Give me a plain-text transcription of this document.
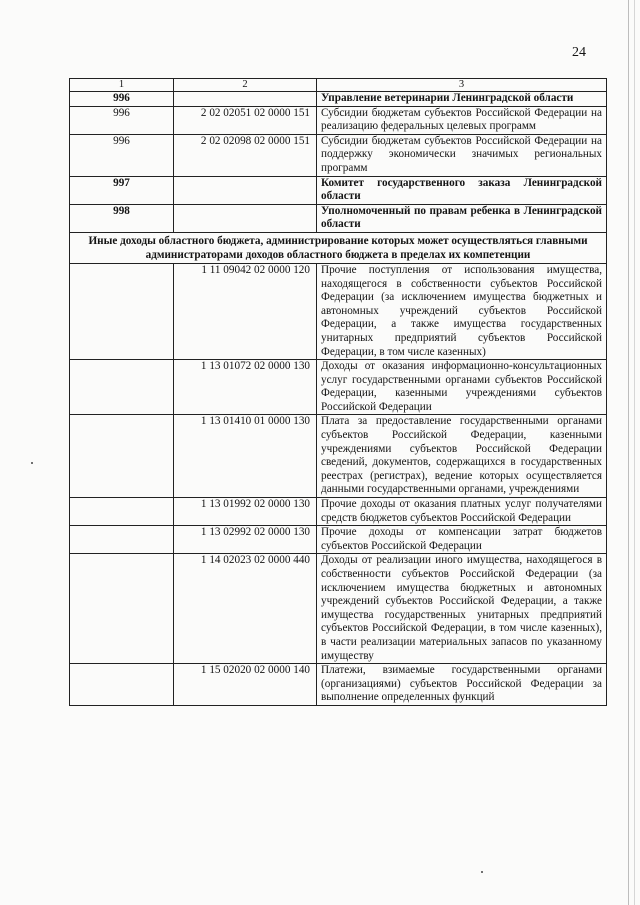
24
1	2	3
996		Управление ветеринарии Ленинградской области
996	2 02 02051 02 0000 151	Субсидии бюджетам субъектов Российской Федерации на реализацию федеральных целевых программ
996	2 02 02098 02 0000 151	Субсидии бюджетам субъектов Российской Федерации на поддержку экономически значимых региональных программ
997		Комитет государственного заказа Ленинградской области
998		Уполномоченный по правам ребенка в Ленинградской области
Иные доходы областного бюджета, администрирование которых может осуществляться главными администраторами доходов областного бюджета в пределах их компетенции		
	1 11 09042 02 0000 120	Прочие поступления от использования имущества, находящегося в собственности субъектов Российской Федерации (за исключением имущества бюджетных и автономных учреждений субъектов Российской Федерации, а также имущества государственных унитарных предприятий субъектов Российской Федерации, в том числе казенных)
	1 13 01072 02 0000 130	Доходы от оказания информационно-консультационных услуг государственными органами субъектов Российской Федерации, казенными учреждениями субъектов Российской Федерации
	1 13 01410 01 0000 130	Плата за предоставление государственными органами субъектов Российской Федерации, казенными учреждениями субъектов Российской Федерации сведений, документов, содержащихся в государственных реестрах (регистрах), ведение которых осуществляется данными государственными органами, учреждениями
	1 13 01992 02 0000 130	Прочие доходы от оказания платных услуг получателями средств бюджетов субъектов Российской Федерации
	1 13 02992 02 0000 130	Прочие доходы от компенсации затрат бюджетов субъектов Российской Федерации
	1 14 02023 02 0000 440	Доходы от реализации иного имущества, находящегося в собственности субъектов Российской Федерации (за исключением имущества бюджетных и автономных учреждений субъектов Российской Федерации, а также имущества государственных унитарных предприятий субъектов Российской Федерации, в том числе казенных), в части реализации материальных запасов по указанному имуществу
	1 15 02020 02 0000 140	Платежи, взимаемые государственными органами (организациями) субъектов Российской Федерации за выполнение определенных функций
